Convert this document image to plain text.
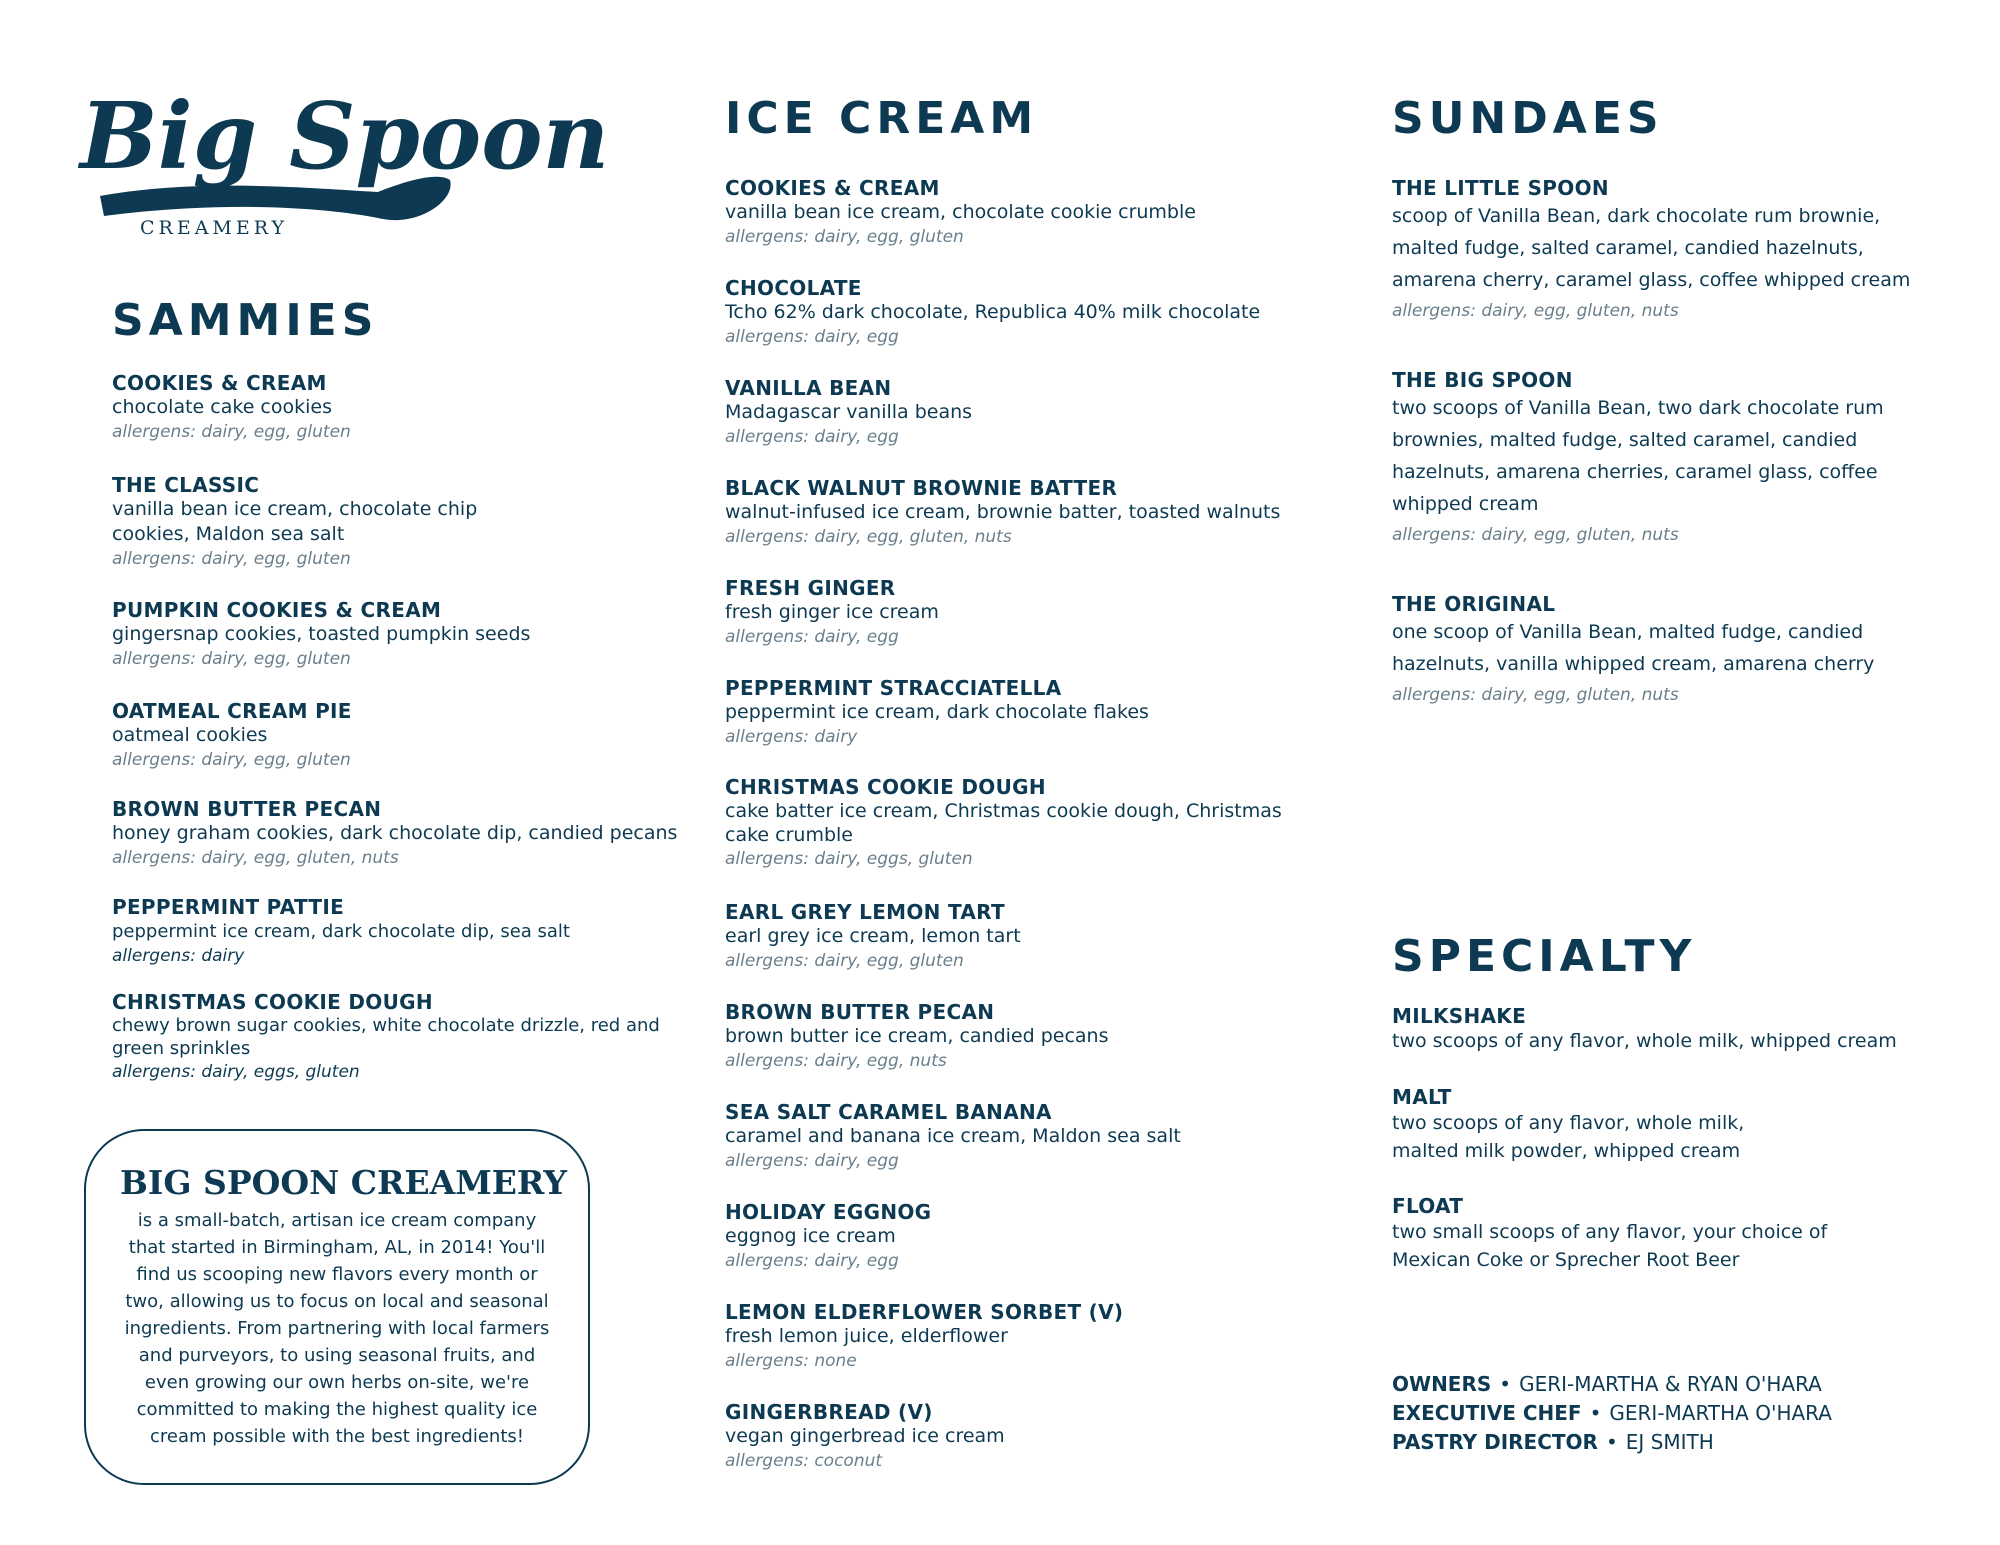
Big Spoon
CREAMERY
SAMMIES
COOKIES & CREAM
chocolate cake cookies
allergens: dairy, egg, gluten
THE CLASSIC
vanilla bean ice cream, chocolate chip cookies, Maldon sea salt
allergens: dairy, egg, gluten
PUMPKIN COOKIES & CREAM
gingersnap cookies, toasted pumpkin seeds
allergens: dairy, egg, gluten
OATMEAL CREAM PIE
oatmeal cookies
allergens: dairy, egg, gluten
BROWN BUTTER PECAN
honey graham cookies, dark chocolate dip, candied pecans
allergens: dairy, egg, gluten, nuts
PEPPERMINT PATTIE
peppermint ice cream, dark chocolate dip, sea salt
allergens: dairy
CHRISTMAS COOKIE DOUGH
chewy brown sugar cookies, white chocolate drizzle, red and green sprinkles
allergens: dairy, eggs, gluten
BIG SPOON CREAMERY
is a small-batch, artisan ice cream company that started in Birmingham, AL, in 2014! You'll find us scooping new flavors every month or two, allowing us to focus on local and seasonal ingredients. From partnering with local farmers and purveyors, to using seasonal fruits, and even growing our own herbs on-site, we're committed to making the highest quality ice cream possible with the best ingredients!
ICE CREAM
COOKIES & CREAM
vanilla bean ice cream, chocolate cookie crumble
allergens: dairy, egg, gluten
CHOCOLATE
Tcho 62% dark chocolate, Republica 40% milk chocolate
allergens: dairy, egg
VANILLA BEAN
Madagascar vanilla beans
allergens: dairy, egg
BLACK WALNUT BROWNIE BATTER
walnut-infused ice cream, brownie batter, toasted walnuts
allergens: dairy, egg, gluten, nuts
FRESH GINGER
fresh ginger ice cream
allergens: dairy, egg
PEPPERMINT STRACCIATELLA
peppermint ice cream, dark chocolate flakes
allergens: dairy
CHRISTMAS COOKIE DOUGH
cake batter ice cream, Christmas cookie dough, Christmas cake crumble
allergens: dairy, eggs, gluten
EARL GREY LEMON TART
earl grey ice cream, lemon tart
allergens: dairy, egg, gluten
BROWN BUTTER PECAN
brown butter ice cream, candied pecans
allergens: dairy, egg, nuts
SEA SALT CARAMEL BANANA
caramel and banana ice cream, Maldon sea salt
allergens: dairy, egg
HOLIDAY EGGNOG
eggnog ice cream
allergens: dairy, egg
LEMON ELDERFLOWER SORBET (V)
fresh lemon juice, elderflower
allergens: none
GINGERBREAD (V)
vegan gingerbread ice cream
allergens: coconut
SUNDAES
THE LITTLE SPOON
scoop of Vanilla Bean, dark chocolate rum brownie, malted fudge, salted caramel, candied hazelnuts, amarena cherry, caramel glass, coffee whipped cream
allergens: dairy, egg, gluten, nuts
THE BIG SPOON
two scoops of Vanilla Bean, two dark chocolate rum brownies, malted fudge, salted caramel, candied hazelnuts, amarena cherries, caramel glass, coffee whipped cream
allergens: dairy, egg, gluten, nuts
THE ORIGINAL
one scoop of Vanilla Bean, malted fudge, candied hazelnuts, vanilla whipped cream, amarena cherry
allergens: dairy, egg, gluten, nuts
SPECIALTY
MILKSHAKE
two scoops of any flavor, whole milk, whipped cream
MALT
two scoops of any flavor, whole milk, malted milk powder, whipped cream
FLOAT
two small scoops of any flavor, your choice of Mexican Coke or Sprecher Root Beer
OWNERS • GERI-MARTHA & RYAN O'HARA
EXECUTIVE CHEF • GERI-MARTHA O'HARA
PASTRY DIRECTOR • EJ SMITH
